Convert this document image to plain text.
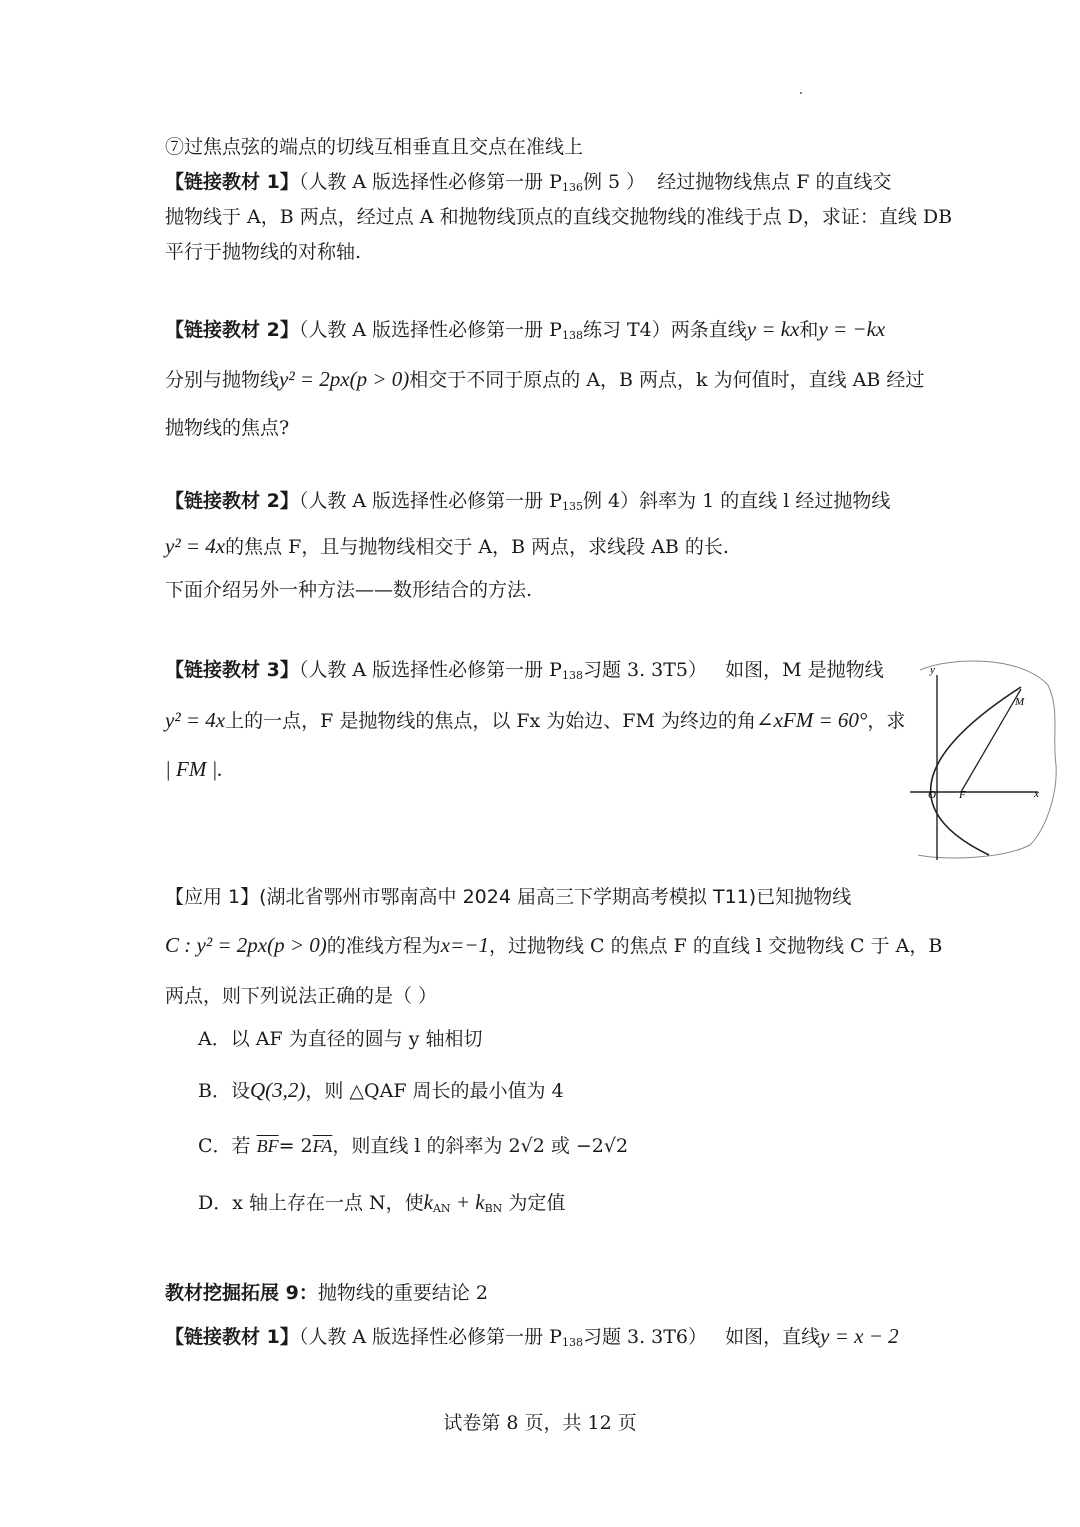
⑦过焦点弦的端点的切线互相垂直且交点在准线上
【链接教材 1】（人教 A 版选择性必修第一册 $P_{136}$例 5 ） 经过抛物线焦点 F 的直线交
抛物线于 A，B 两点，经过点 A 和抛物线顶点的直线交抛物线的准线于点 D，求证：直线 DB
平行于抛物线的对称轴.
【链接教材 2】（人教 A 版选择性必修第一册 $P_{138}$练习 T4）两条直线y = kx和y = −kx
分别与抛物线y² = 2px(p > 0)相交于不同于原点的 A，B 两点，k 为何值时，直线 AB 经过
抛物线的焦点?
【链接教材 2】（人教 A 版选择性必修第一册 $P_{135}$例 4）斜率为 1 的直线 l 经过抛物线
y² = 4x的焦点 F，且与抛物线相交于 A，B 两点，求线段 AB 的长.
下面介绍另外一种方法——数形结合的方法.
【链接教材 3】（人教 A 版选择性必修第一册 $P_{138}$习题 3. 3T5） 如图，M 是抛物线
y² = 4x上的一点，F 是抛物线的焦点，以 Fx 为始边、FM 为终边的角∠xFM = 60°，求
| FM |.
y
x
O F
M
【应用 1】(湖北省鄂州市鄂南高中 2024 届高三下学期高考模拟 T11)已知抛物线
C : y² = 2px(p > 0)的准线方程为x=−1，过抛物线 C 的焦点 F 的直线 l 交抛物线 C 于 A，B
两点，则下列说法正确的是（ ）
A．以 AF 为直径的圆与 y 轴相切
B．设Q(3,2)，则 △QAF 周长的最小值为 4
C．若 $\overline{BF}= 2\overline{FA}$，则直线 l 的斜率为 2√2 或 −2√2
D．x 轴上存在一点 N，使$k_{AN} + k_{BN}$ 为定值
教材挖掘拓展 9：抛物线的重要结论 2
【链接教材 1】（人教 A 版选择性必修第一册 $P_{138}$习题 3. 3T6） 如图，直线y = x − 2
试卷第 8 页，共 12 页
